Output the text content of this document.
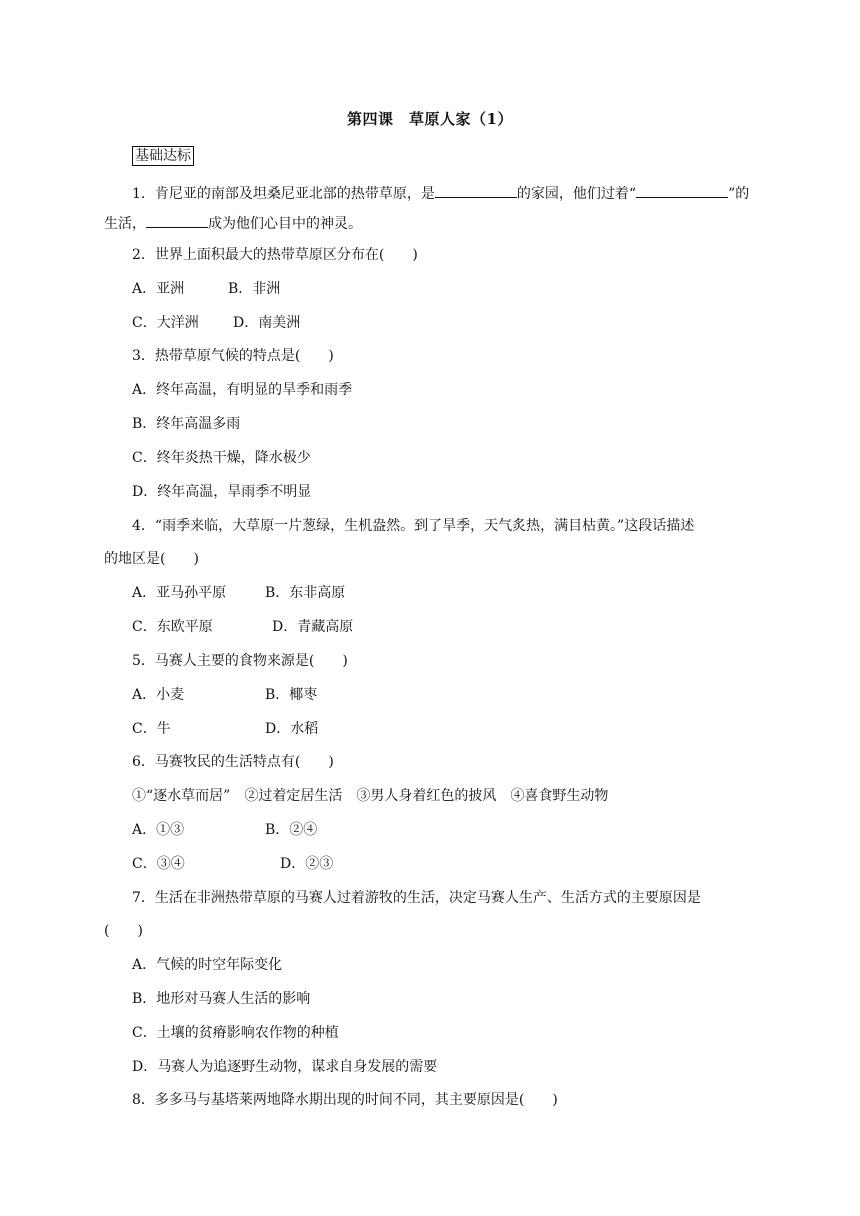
第四课　草原人家（1）
基础达标
1．肯尼亚的南部及坦桑尼亚北部的热带草原，是	的家园，他们过着“	”的
生活，	成为他们心目中的神灵。
2．世界上面积最大的热带草原区分布在(　　)
A．亚洲	B．非洲
C．大洋洲 D．南美洲
3．热带草原气候的特点是(　　)
A．终年高温，有明显的旱季和雨季
B．终年高温多雨
C．终年炎热干燥，降水极少
D．终年高温，旱雨季不明显
4．“雨季来临，大草原一片葱绿，生机盎然。到了旱季，天气炙热，满目枯黄。”这段话描述
的地区是(　　)
A．亚马孙平原	B．东非高原
C．东欧平原	D．青藏高原
5．马赛人主要的食物来源是(　　)
A．小麦	B．椰枣
C．牛	D．水稻
6．马赛牧民的生活特点有(　　)
①“逐水草而居”　②过着定居生活　③男人身着红色的披风　④喜食野生动物
A．①③	B．②④
C．③④	D．②③
7．生活在非洲热带草原的马赛人过着游牧的生活，决定马赛人生产、生活方式的主要原因是
(　　)
A．气候的时空年际变化
B．地形对马赛人生活的影响
C．土壤的贫瘠影响农作物的种植
D．马赛人为追逐野生动物，谋求自身发展的需要
8．多多马与基塔莱两地降水期出现的时间不同，其主要原因是(　　)
